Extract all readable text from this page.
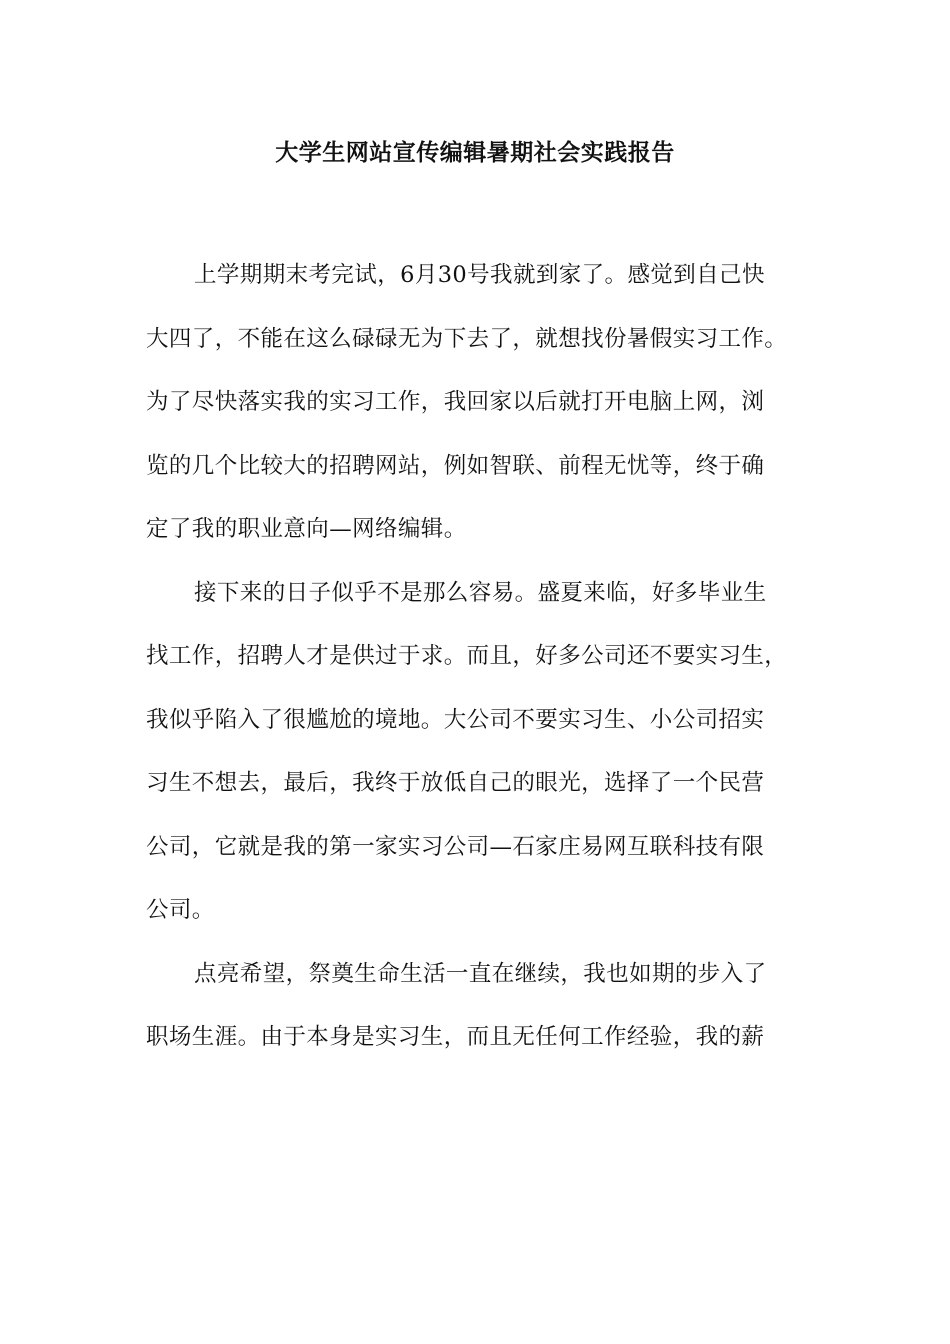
大学生网站宣传编辑暑期社会实践报告
上学期期末考完试，6月30号我就到家了。感觉到自己快
大四了，不能在这么碌碌无为下去了，就想找份暑假实习工作。
为了尽快落实我的实习工作，我回家以后就打开电脑上网，浏
览的几个比较大的招聘网站，例如智联、前程无忧等，终于确
定了我的职业意向—网络编辑。
接下来的日子似乎不是那么容易。盛夏来临，好多毕业生
找工作，招聘人才是供过于求。而且，好多公司还不要实习生，
我似乎陷入了很尴尬的境地。大公司不要实习生、小公司招实
习生不想去，最后，我终于放低自己的眼光，选择了一个民营
公司，它就是我的第一家实习公司—石家庄易网互联科技有限
公司。
点亮希望，祭奠生命生活一直在继续，我也如期的步入了
职场生涯。由于本身是实习生，而且无任何工作经验，我的薪
